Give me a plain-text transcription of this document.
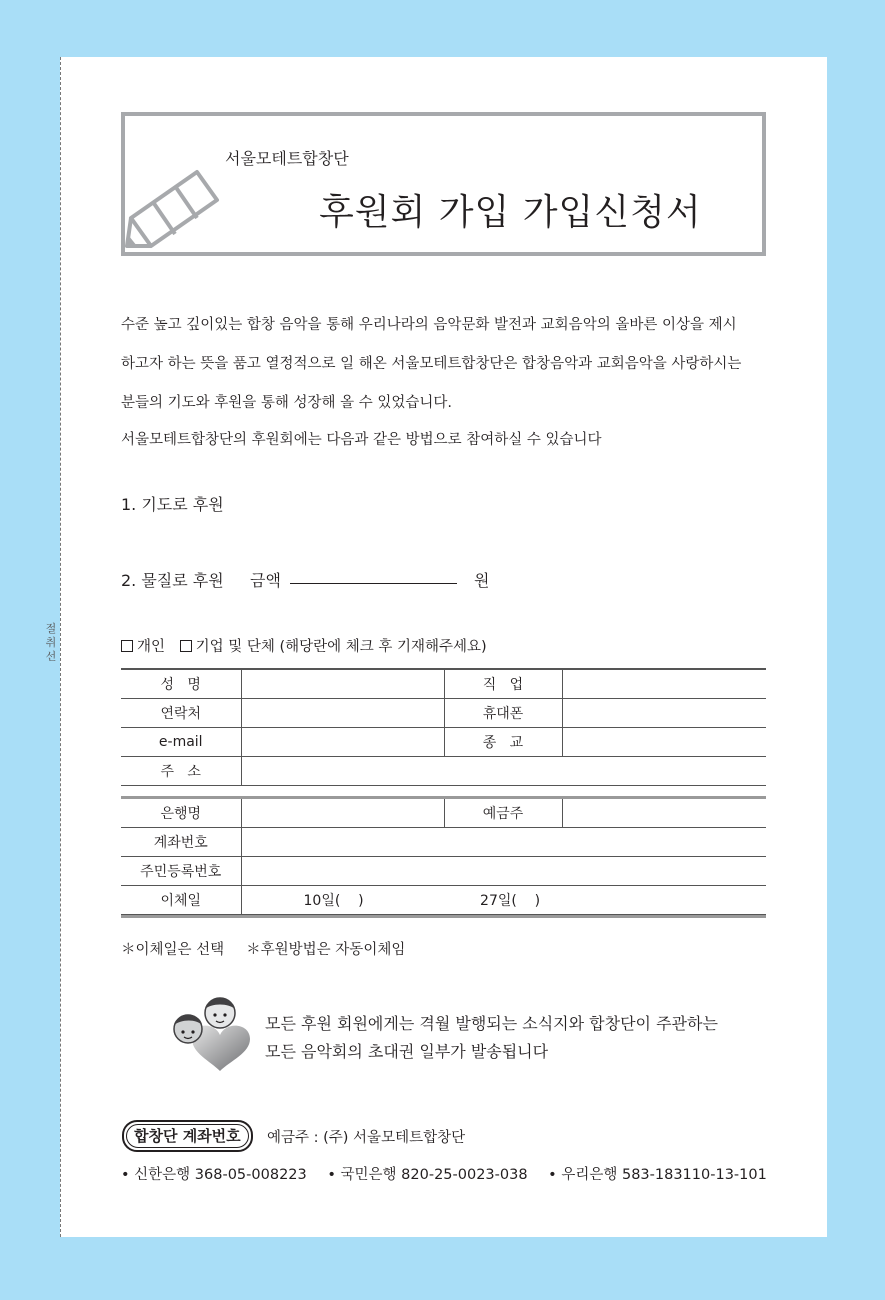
절
취
선
서울모테트합창단
후원회 가입 가입신청서
수준 높고 깊이있는 합창 음악을 통해 우리나라의 음악문화 발전과 교회음악의 올바른 이상을 제시
하고자 하는 뜻을 품고 열정적으로 일 해온 서울모테트합창단은 합창음악과 교회음악을 사랑하시는
분들의 기도와 후원을 통해 성장해 올 수 있었습니다.
서울모테트합창단의 후원회에는 다음과 같은 방법으로 참여하실 수 있습니다
1. 기도로 후원
2. 물질로 후원 금액	원
개인 기업 및 단체 (해당란에 체크 후 기재해주세요)
성   명		직   업	
연락처		휴대폰	
e-mail		종   교	
주   소			
은행명		예금주	
계좌번호			
주민등록번호			
이체일	10일(    ) 27일(    )		
＊이체일은 선택 ＊후원방법은 자동이체임
모든 후원 회원에게는 격월 발행되는 소식지와 합창단이 주관하는
모든 음악회의 초대권 일부가 발송됩니다
합창단 계좌번호	예금주 : (주) 서울모테트합창단
• 신한은행 368-05-008223 • 국민은행 820-25-0023-038 • 우리은행 583-183110-13-101
